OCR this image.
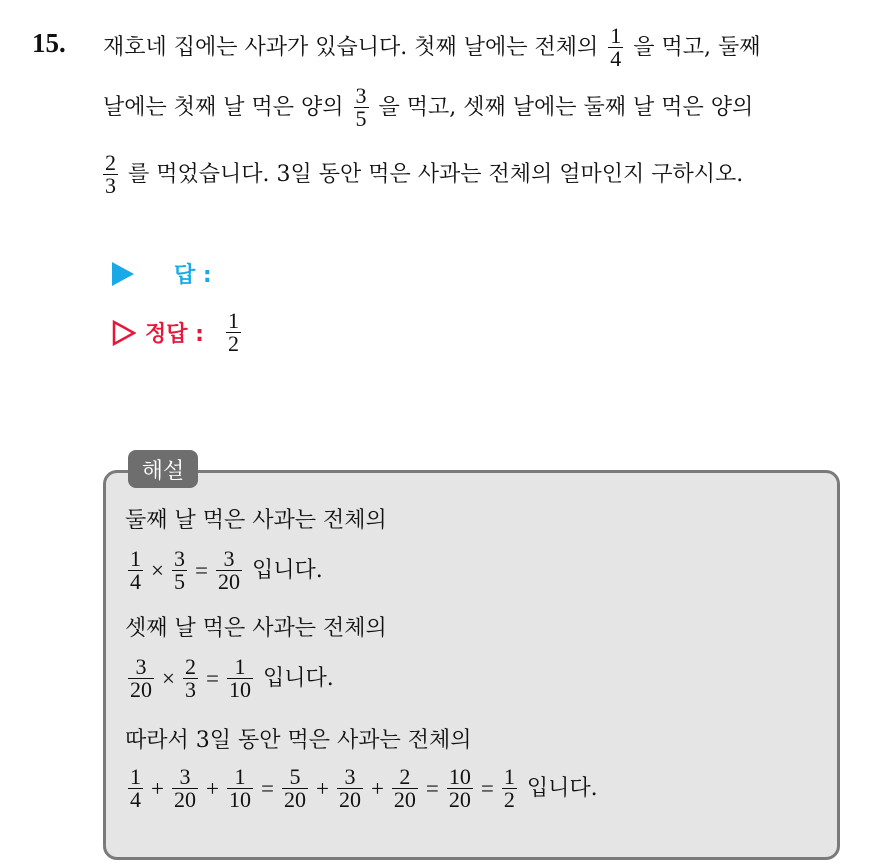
15. 재호네 집에는 사과가 있습니다. 첫째 날에는 전체의 $\frac{1}{4}$ 을 먹고, 둘째
날에는 첫째 날 먹은 양의 $\frac{3}{5}$ 을 먹고, 셋째 날에는 둘째 날 먹은 양의
$\frac{2}{3}$ 를 먹었습니다. 3일 동안 먹은 사과는 전체의 얼마인지 구하시오.
답 :
정답 : $\frac{1}{2}$
해설
둘째 날 먹은 사과는 전체의
$\frac{1}{4} \times \frac{3}{5} = \frac{3}{20}$ 입니다.
셋째 날 먹은 사과는 전체의
$\frac{3}{20} \times \frac{2}{3} = \frac{1}{10}$ 입니다.
따라서 3일 동안 먹은 사과는 전체의
$\frac{1}{4} + \frac{3}{20} + \frac{1}{10} = \frac{5}{20} + \frac{3}{20} + \frac{2}{20} = \frac{10}{20} = \frac{1}{2}$ 입니다.
